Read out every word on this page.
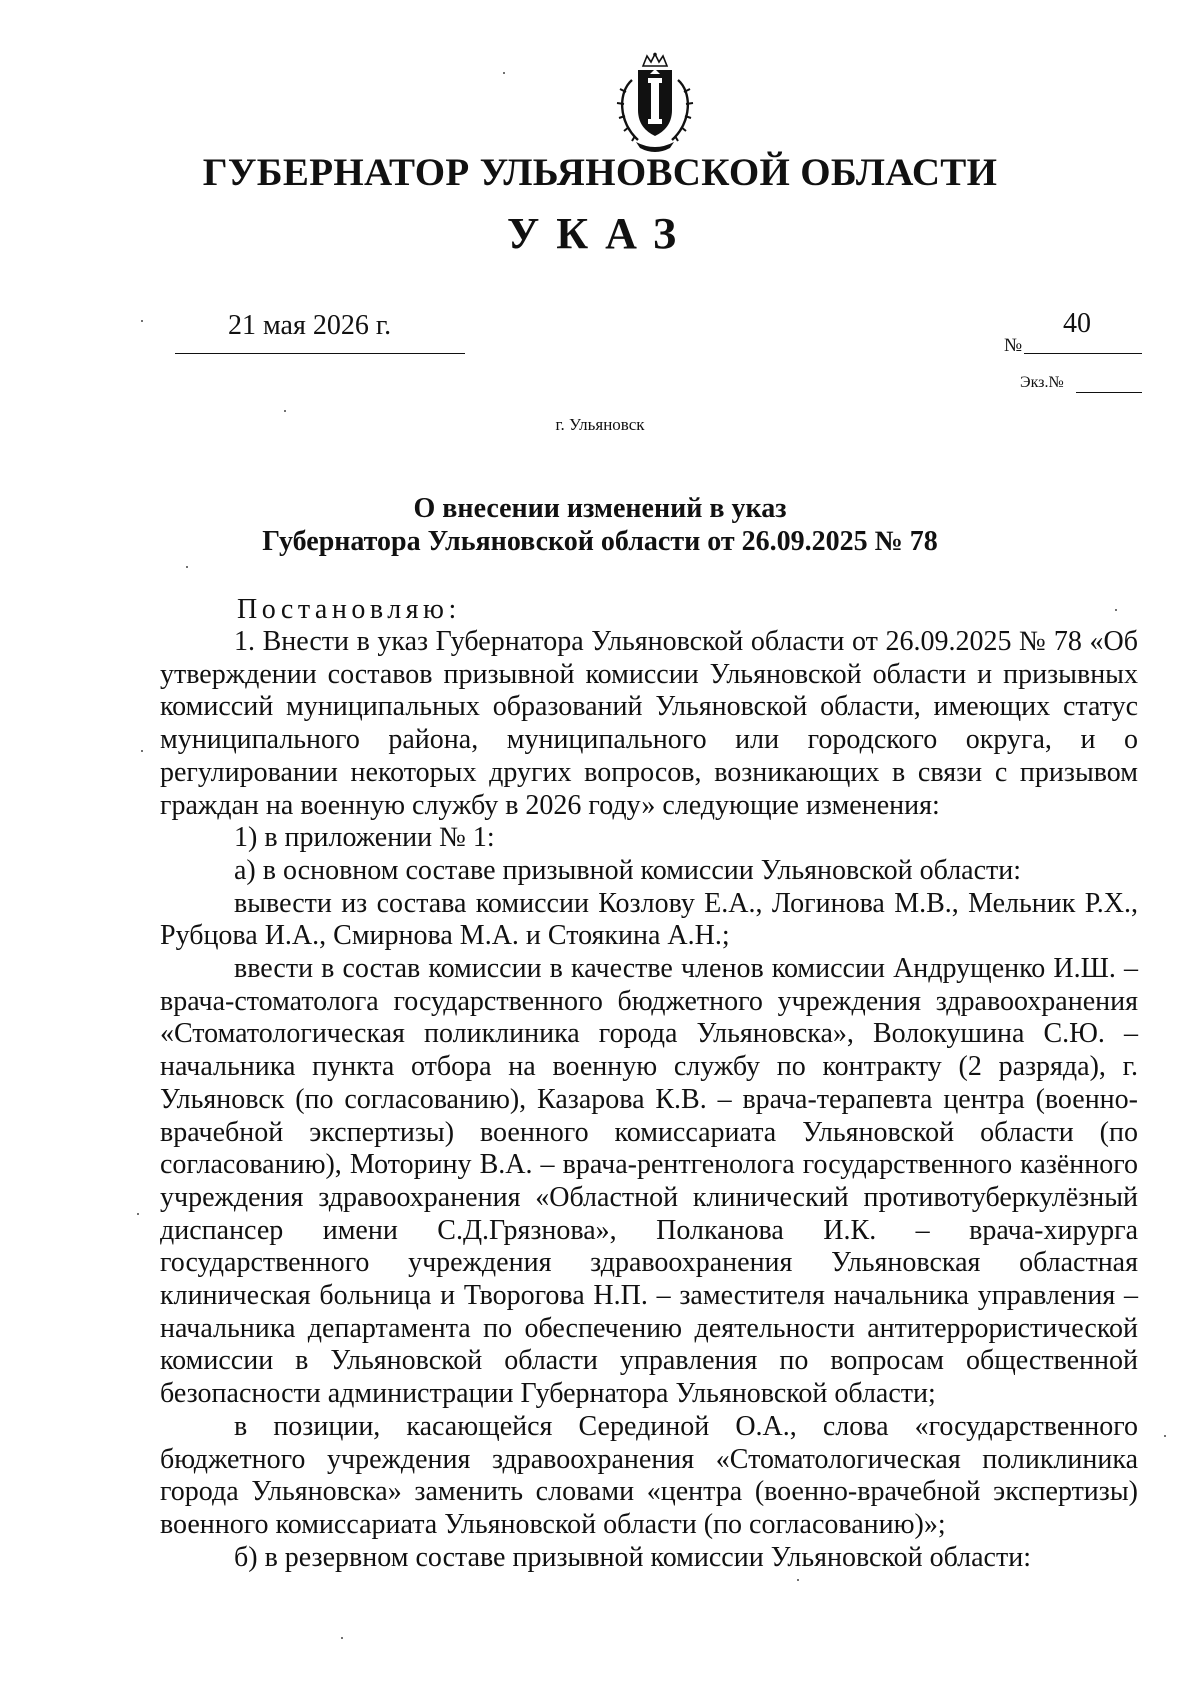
ГУБЕРНАТОР УЛЬЯНОВСКОЙ ОБЛАСТИ
УКАЗ
21 мая 2026 г.	40
№
Экз.№
г. Ульяновск
О внесении изменений в указ
Губернатора Ульяновской области от 26.09.2025 № 78
Постановляю:

1. Внести в указ Губернатора Ульяновской области от 26.09.2025 № 78 «Об утверждении составов призывной комиссии Ульяновской области и призывных комиссий муниципальных образований Ульяновской области, имеющих статус муниципального района, муниципального или городского округа, и о регулировании некоторых других вопросов, возникающих в связи с призывом граждан на военную службу в 2026 году» следующие изменения:

1) в приложении № 1:

а) в основном составе призывной комиссии Ульяновской области:

вывести из состава комиссии Козлову Е.А., Логинова М.В., Мельник Р.Х., Рубцова И.А., Смирнова М.А. и Стоякина А.Н.;

ввести в состав комиссии в качестве членов комиссии Андрущенко И.Ш. – врача-стоматолога государственного бюджетного учреждения здравоохранения «Стоматологическая поликлиника города Ульяновска», Волокушина С.Ю. – начальника пункта отбора на военную службу по контракту (2 разряда), г. Ульяновск (по согласованию), Казарова К.В. – врача-терапевта центра (военно-врачебной экспертизы) военного комиссариата Ульяновской области (по согласованию), Моторину В.А. – врача-рентгенолога государственного казённого учреждения здравоохранения «Областной клинический противотуберкулёзный диспансер имени С.Д.Грязнова», Полканова И.К. – врача-хирурга государственного учреждения здравоохранения Ульяновская областная клиническая больница и Творогова Н.П. – заместителя начальника управления – начальника департамента по обеспечению деятельности антитеррористической комиссии в Ульяновской области управления по вопросам общественной безопасности администрации Губернатора Ульяновской области;

в позиции, касающейся Серединой О.А., слова «государственного бюджетного учреждения здравоохранения «Стоматологическая поликлиника города Ульяновска» заменить словами «центра (военно-врачебной экспертизы) военного комиссариата Ульяновской области (по согласованию)»;

б) в резервном составе призывной комиссии Ульяновской области:
